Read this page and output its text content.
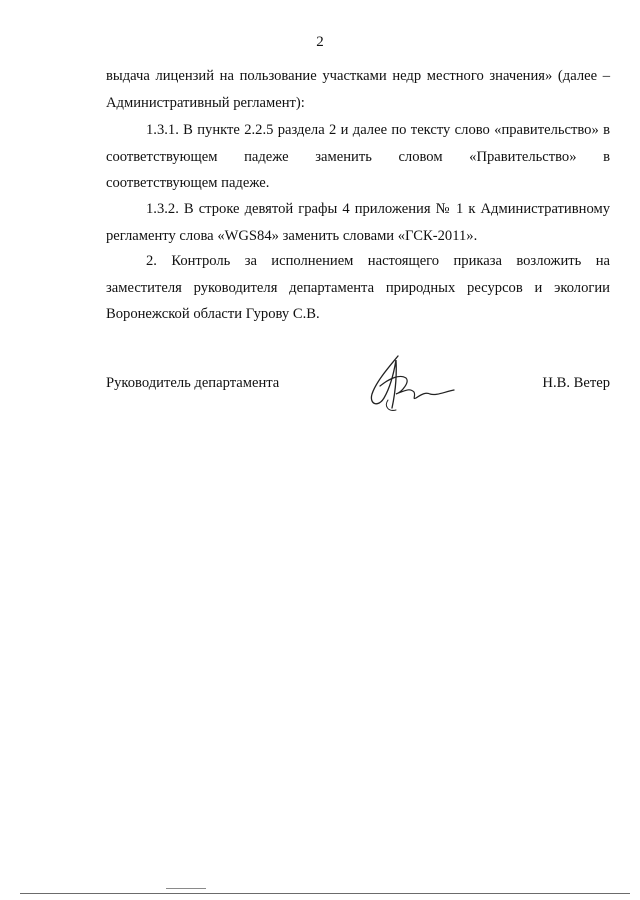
2

выдача лицензий на пользование участками недр местного значения» (далее – Административный регламент):

1.3.1. В пункте 2.2.5 раздела 2 и далее по тексту слово «правительство» в соответствующем падеже заменить словом «Правительство» в соответствующем падеже.

1.3.2. В строке девятой графы 4 приложения № 1 к Административному регламенту слова «WGS84» заменить словами «ГСК-2011».

2. Контроль за исполнением настоящего приказа возложить на заместителя руководителя департамента природных ресурсов и экологии Воронежской области Гурову С.В.

Руководитель департамента	Н.В. Ветер
